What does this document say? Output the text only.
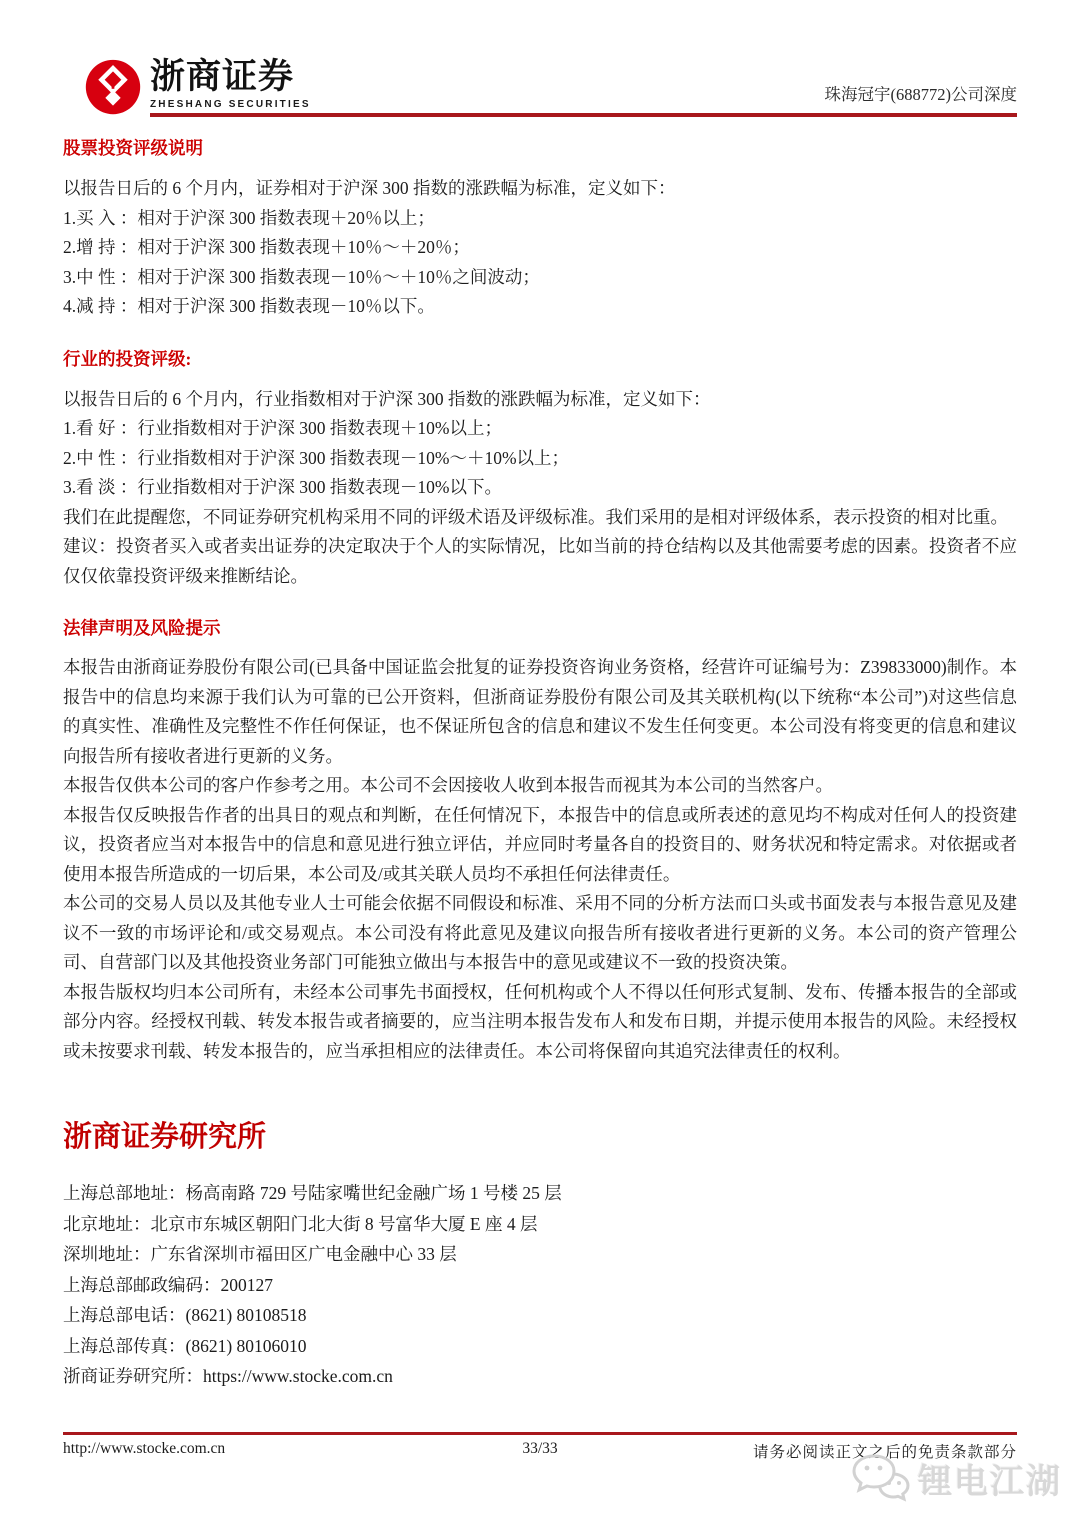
浙商证券
ZHESHANG SECURITIES
珠海冠宇(688772)公司深度
股票投资评级说明
以报告日后的 6 个月内，证券相对于沪深 300 指数的涨跌幅为标准，定义如下：
1.买 入 ：相对于沪深 300 指数表现＋20％以上；
2.增 持 ：相对于沪深 300 指数表现＋10％～＋20％；
3.中 性 ：相对于沪深 300 指数表现－10％～＋10％之间波动；
4.减 持 ：相对于沪深 300 指数表现－10％以下。
行业的投资评级:
以报告日后的 6 个月内，行业指数相对于沪深 300 指数的涨跌幅为标准，定义如下：
1.看 好 ：行业指数相对于沪深 300 指数表现＋10%以上；
2.中 性 ：行业指数相对于沪深 300 指数表现－10%～＋10%以上；
3.看 淡 ：行业指数相对于沪深 300 指数表现－10%以下。

我们在此提醒您，不同证券研究机构采用不同的评级术语及评级标准。我们采用的是相对评级体系，表示投资的相对比重。

建议：投资者买入或者卖出证券的决定取决于个人的实际情况，比如当前的持仓结构以及其他需要考虑的因素。投资者不应仅仅依靠投资评级来推断结论。

法律声明及风险提示

本报告由浙商证券股份有限公司(已具备中国证监会批复的证券投资咨询业务资格，经营许可证编号为：Z39833000)制作。本报告中的信息均来源于我们认为可靠的已公开资料，但浙商证券股份有限公司及其关联机构(以下统称“本公司”)对这些信息的真实性、准确性及完整性不作任何保证，也不保证所包含的信息和建议不发生任何变更。本公司没有将变更的信息和建议向报告所有接收者进行更新的义务。

本报告仅供本公司的客户作参考之用。本公司不会因接收人收到本报告而视其为本公司的当然客户。

本报告仅反映报告作者的出具日的观点和判断，在任何情况下，本报告中的信息或所表述的意见均不构成对任何人的投资建议，投资者应当对本报告中的信息和意见进行独立评估，并应同时考量各自的投资目的、财务状况和特定需求。对依据或者使用本报告所造成的一切后果，本公司及/或其关联人员均不承担任何法律责任。

本公司的交易人员以及其他专业人士可能会依据不同假设和标准、采用不同的分析方法而口头或书面发表与本报告意见及建议不一致的市场评论和/或交易观点。本公司没有将此意见及建议向报告所有接收者进行更新的义务。本公司的资产管理公司、自营部门以及其他投资业务部门可能独立做出与本报告中的意见或建议不一致的投资决策。

本报告版权均归本公司所有，未经本公司事先书面授权，任何机构或个人不得以任何形式复制、发布、传播本报告的全部或部分内容。经授权刊载、转发本报告或者摘要的，应当注明本报告发布人和发布日期，并提示使用本报告的风险。未经授权或未按要求刊载、转发本报告的，应当承担相应的法律责任。本公司将保留向其追究法律责任的权利。

浙商证券研究所
上海总部地址：杨高南路 729 号陆家嘴世纪金融广场 1 号楼 25 层
北京地址：北京市东城区朝阳门北大街 8 号富华大厦 E 座 4 层
深圳地址：广东省深圳市福田区广电金融中心 33 层
上海总部邮政编码：200127
上海总部电话：(8621) 80108518
上海总部传真：(8621) 80106010
浙商证券研究所：https://www.stocke.com.cn
http://www.stocke.com.cn	33/33	请务必阅读正文之后的免责条款部分
锂电江湖
